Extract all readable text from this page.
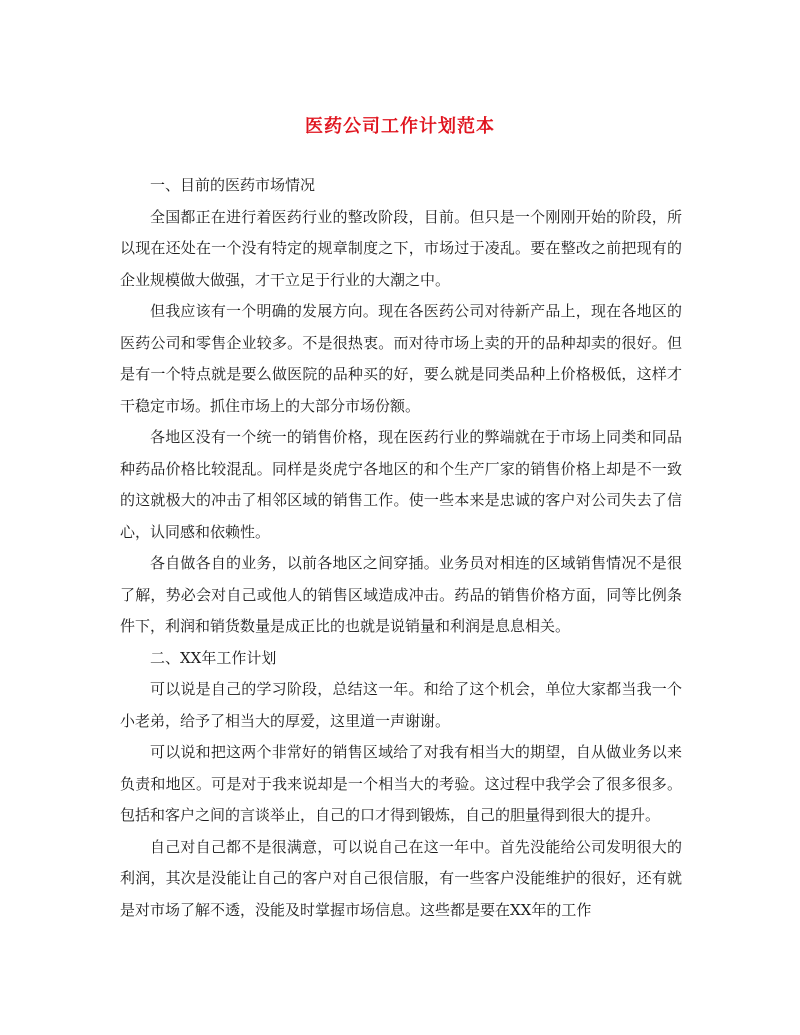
医药公司工作计划范本

一、目前的医药市场情况

全国都正在进行着医药行业的整改阶段，目前。但只是一个刚刚开始的阶段，所以现在还处在一个没有特定的规章制度之下，市场过于凌乱。要在整改之前把现有的企业规模做大做强，才干立足于行业的大潮之中。

但我应该有一个明确的发展方向。现在各医药公司对待新产品上，现在各地区的医药公司和零售企业较多。不是很热衷。而对待市场上卖的开的品种却卖的很好。但是有一个特点就是要么做医院的品种买的好，要么就是同类品种上价格极低，这样才干稳定市场。抓住市场上的大部分市场份额。

各地区没有一个统一的销售价格，现在医药行业的弊端就在于市场上同类和同品种药品价格比较混乱。同样是炎虎宁各地区的和个生产厂家的销售价格上却是不一致的这就极大的冲击了相邻区域的销售工作。使一些本来是忠诚的客户对公司失去了信心，认同感和依赖性。

各自做各自的业务，以前各地区之间穿插。业务员对相连的区域销售情况不是很了解，势必会对自己或他人的销售区域造成冲击。药品的销售价格方面，同等比例条件下，利润和销货数量是成正比的也就是说销量和利润是息息相关。

二、XX年工作计划

可以说是自己的学习阶段，总结这一年。和给了这个机会，单位大家都当我一个小老弟，给予了相当大的厚爱，这里道一声谢谢。

可以说和把这两个非常好的销售区域给了对我有相当大的期望，自从做业务以来负责和地区。可是对于我来说却是一个相当大的考验。这过程中我学会了很多很多。包括和客户之间的言谈举止，自己的口才得到锻炼，自己的胆量得到很大的提升。

自己对自己都不是很满意，可以说自己在这一年中。首先没能给公司发明很大的利润，其次是没能让自己的客户对自己很信服，有一些客户没能维护的很好，还有就是对市场了解不透，没能及时掌握市场信息。这些都是要在XX年的工作
